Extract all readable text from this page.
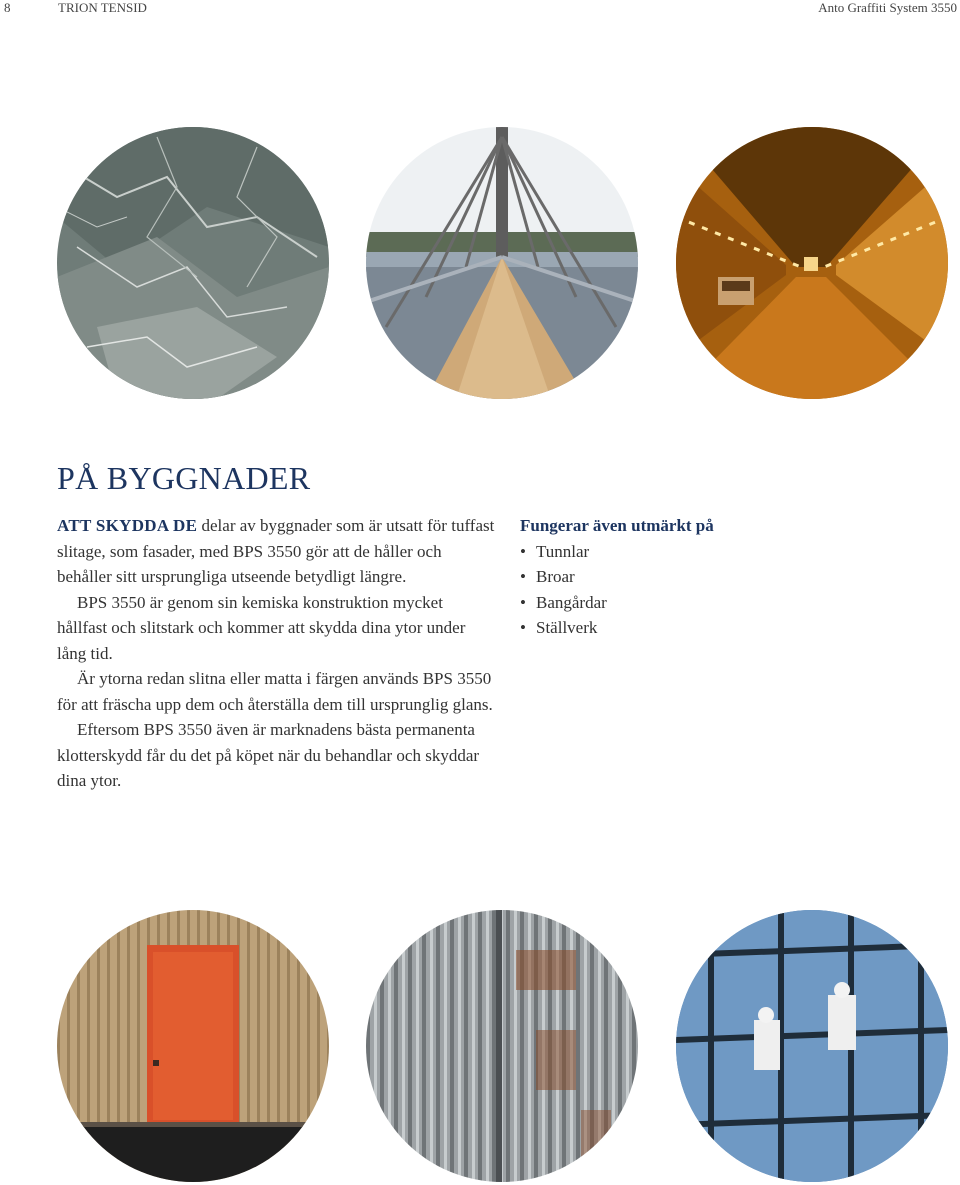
8	TRION TENSID	Anto Graffiti System 3550
PÅ BYGGNADER

ATT SKYDDA DE delar av byggnader som är utsatt för tuffast slitage, som fasader, med BPS 3550 gör att de håller och behåller sitt ursprungliga utseende betydligt längre.

BPS 3550 är genom sin kemiska konstruktion mycket hållfast och slitstark och kommer att skydda dina ytor under lång tid.

Är ytorna redan slitna eller matta i färgen används BPS 3550 för att fräscha upp dem och återställa dem till ursprunglig glans.

Eftersom BPS 3550 även är marknadens bästa permanenta klotterskydd får du det på köpet när du behandlar och skyddar dina ytor.

Fungerar även utmärkt på
• Tunnlar
• Broar
• Bangårdar
• Ställverk
